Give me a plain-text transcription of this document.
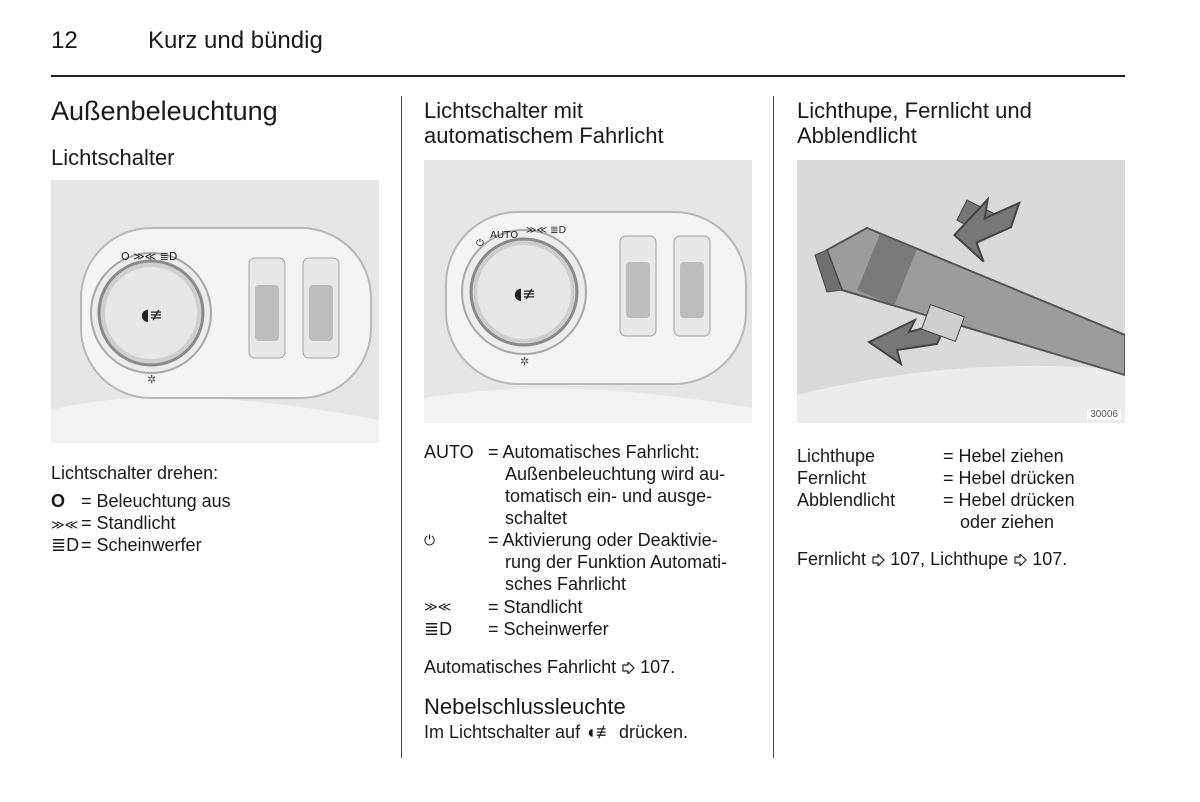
12	Kurz und bündig
Außenbeleuchtung
Lichtschalter
◖≢
O ≫≪ ≣D
✲
Lichtschalter drehen:
O = Beleuchtung aus
≫≪ = Standlicht
≣D = Scheinwerfer
Lichtschalter mit
automatischem Fahrlicht
◖≢
⏻
AUTO ≫≪ ≣D
✲
AUTO = Automatisches Fahrlicht:
Außenbeleuchtung wird au-
tomatisch ein- und ausge-
schaltet
⏻	= Aktivierung oder Deaktivie-
rung der Funktion Automati-
sches Fahrlicht
≫≪ = Standlicht
≣D = Scheinwerfer
Automatisches Fahrlicht 107.
Nebelschlussleuchte
Im Lichtschalter auf ◖≢ drücken.
Lichthupe, Fernlicht und
Abblendlicht
30006
Lichthupe	= Hebel ziehen
Fernlicht	= Hebel drücken
Abblendlicht	= Hebel drücken
oder ziehen
Fernlicht 107, Lichthupe 107.
